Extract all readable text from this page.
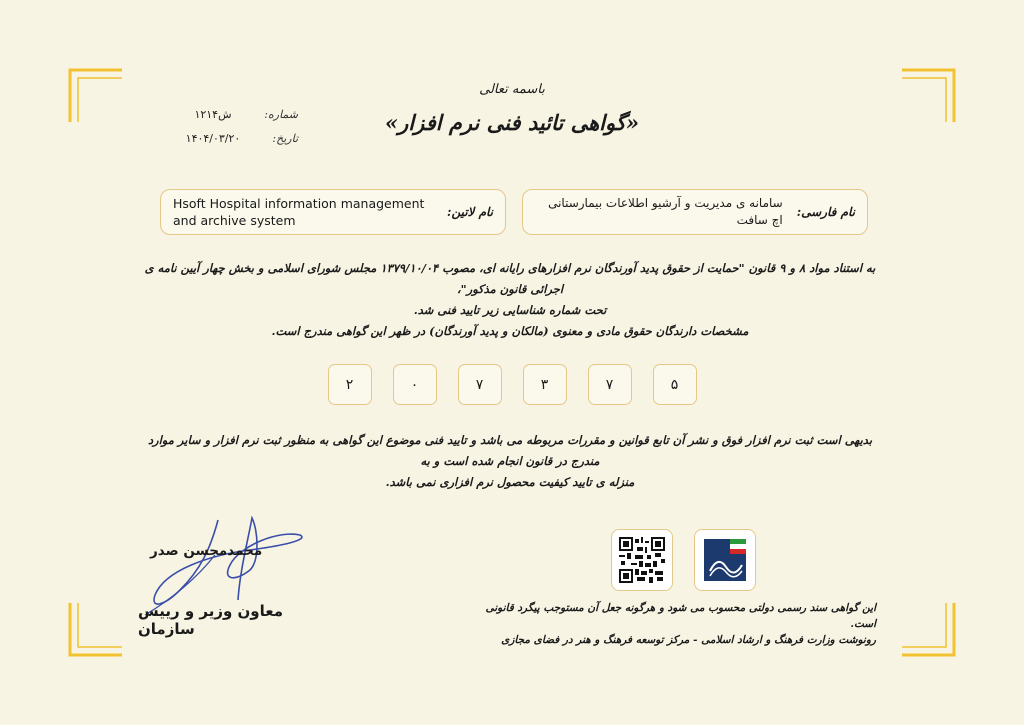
باسمه تعالی
«گواهی تائید فنی نرم افزار»
شماره:
ش۱۲۱۴
تاریخ:
۱۴۰۴/۰۳/۲۰
نام فارسی:
سامانه ی مدیریت و آرشیو اطلاعات بیمارستانی اچ سافت
نام لاتین:
Hsoft Hospital information management and archive system
به استناد مواد ۸ و ۹ قانون "حمایت از حقوق پدید آورندگان نرم افزارهای رایانه ای، مصوب ۱۳۷۹/۱۰/۰۴ مجلس شورای اسلامی و بخش چهار آیین نامه ی اجرائی قانون مذکور"،
تحت شماره شناسایی زیر تایید فنی شد.
مشخصات دارندگان حقوق مادی و معنوی (مالکان و پدید آورندگان) در ظهر این گواهی مندرج است.
۵
۷
۳
۷
۰
۲
بدیهی است ثبت نرم افزار فوق و نشر آن تابع قوانین و مقررات مربوطه می باشد و تایید فنی موضوع این گواهی به منظور ثبت نرم افزار و سایر موارد مندرج در قانون انجام شده است و به
منزله ی تایید کیفیت محصول نرم افزاری نمی باشد.
این گواهی سند رسمی دولتی محسوب می شود و هرگونه جعل آن مستوجب پیگرد قانونی است.
رونوشت وزارت فرهنگ و ارشاد اسلامی - مرکز توسعه فرهنگ و هنر در فضای مجازی
محمدمحسن صدر
معاون وزیر و رییس سازمان
